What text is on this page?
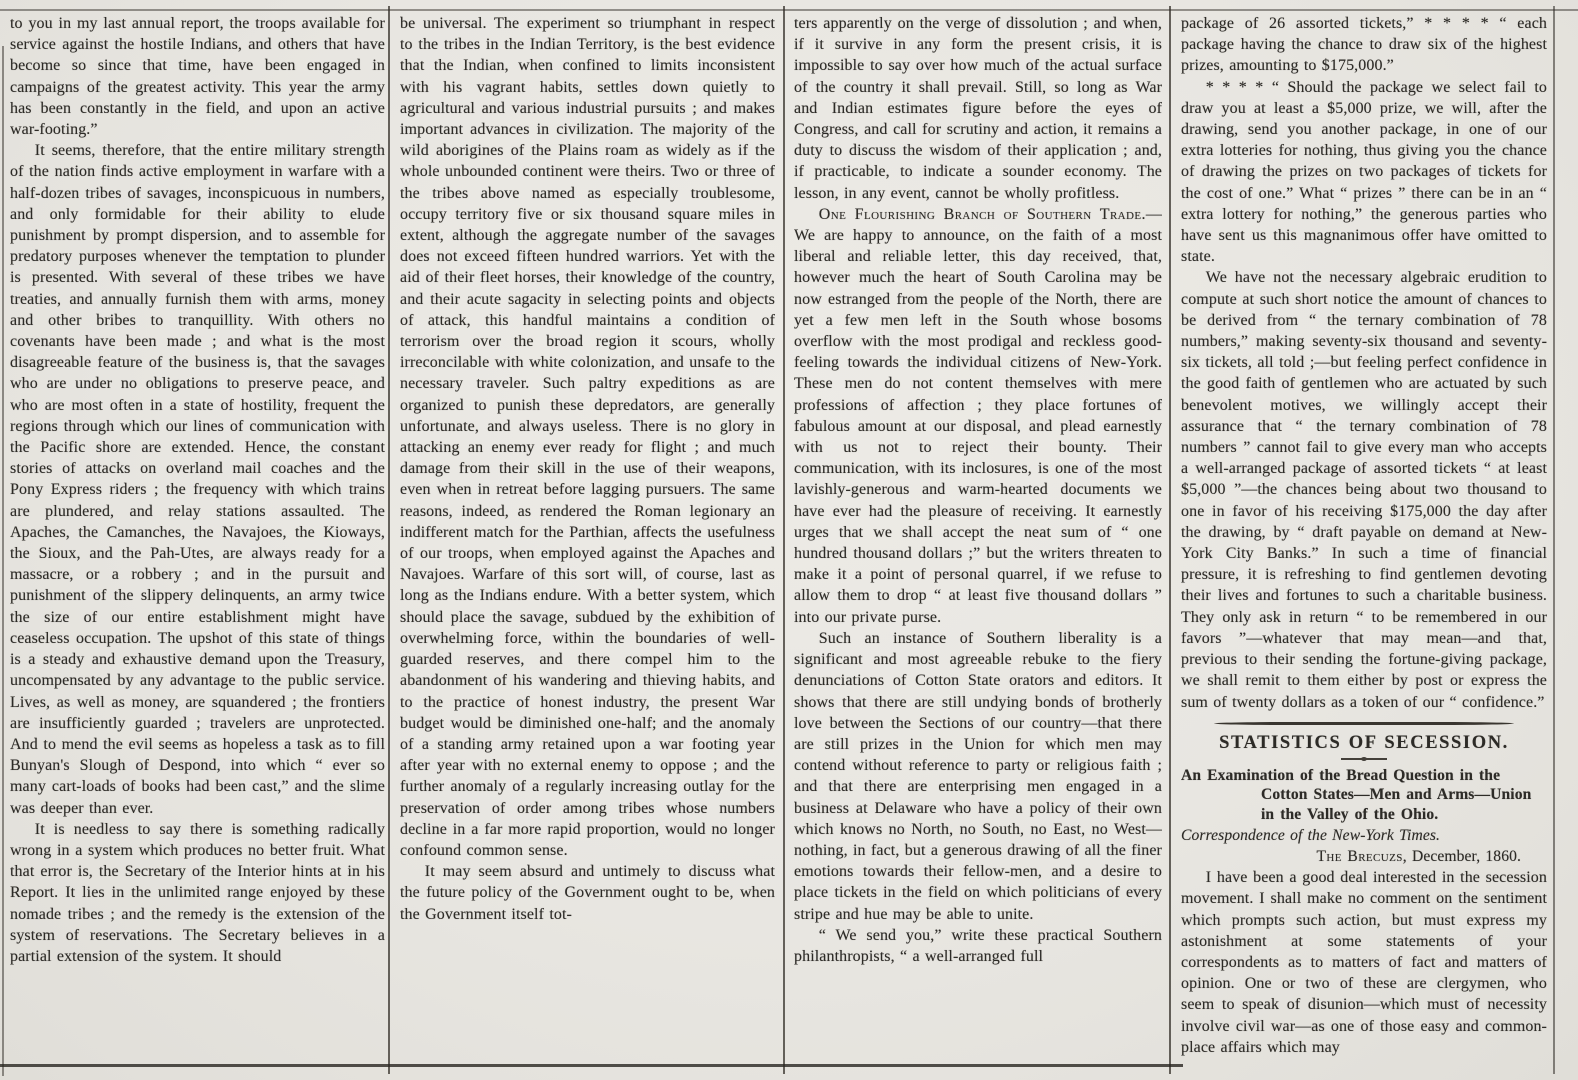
to you in my last annual report, the troops available for service against the hostile Indians, and others that have become so since that time, have been engaged in campaigns of the greatest activity. This year the army has been constantly in the field, and upon an active war-footing.”

It seems, therefore, that the entire military strength of the nation finds active employment in warfare with a half-dozen tribes of savages, inconspicuous in numbers, and only formidable for their ability to elude punishment by prompt dispersion, and to assemble for predatory purposes whenever the temptation to plunder is presented. With several of these tribes we have treaties, and annually furnish them with arms, money and other bribes to tranquillity. With others no covenants have been made ; and what is the most disagreeable feature of the business is, that the savages who are under no obligations to preserve peace, and who are most often in a state of hostility, frequent the regions through which our lines of communication with the Pacific shore are extended. Hence, the constant stories of attacks on overland mail coaches and the Pony Express riders ; the frequency with which trains are plundered, and relay stations assaulted. The Apaches, the Camanches, the Navajoes, the Kioways, the Sioux, and the Pah-Utes, are always ready for a massacre, or a robbery ; and in the pursuit and punishment of the slippery delinquents, an army twice the size of our entire establishment might have ceaseless occupation. The upshot of this state of things is a steady and exhaustive demand upon the Treasury, uncompensated by any advantage to the public service. Lives, as well as money, are squandered ; the frontiers are insufficiently guarded ; travelers are unprotected. And to mend the evil seems as hopeless a task as to fill Bunyan's Slough of Despond, into which “ ever so many cart-loads of books had been cast,” and the slime was deeper than ever.

It is needless to say there is something radically wrong in a system which produces no better fruit. What that error is, the Secretary of the Interior hints at in his Report. It lies in the unlimited range enjoyed by these nomade tribes ; and the remedy is the extension of the system of reservations. The Secretary believes in a partial extension of the system. It should

be universal. The experiment so triumphant in respect to the tribes in the Indian Territory, is the best evidence that the Indian, when confined to limits inconsistent with his vagrant habits, settles down quietly to agricultural and various industrial pursuits ; and makes important advances in civilization. The majority of the wild aborigines of the Plains roam as widely as if the whole unbounded continent were theirs. Two or three of the tribes above named as especially troublesome, occupy territory five or six thousand square miles in extent, although the aggregate number of the savages does not exceed fifteen hundred warriors. Yet with the aid of their fleet horses, their knowledge of the country, and their acute sagacity in selecting points and objects of attack, this handful maintains a condition of terrorism over the broad region it scours, wholly irreconcilable with white colonization, and unsafe to the necessary traveler. Such paltry expeditions as are organized to punish these depredators, are generally unfortunate, and always useless. There is no glory in attacking an enemy ever ready for flight ; and much damage from their skill in the use of their weapons, even when in retreat before lagging pursuers. The same reasons, indeed, as rendered the Roman legionary an indifferent match for the Parthian, affects the usefulness of our troops, when employed against the Apaches and Navajoes. Warfare of this sort will, of course, last as long as the Indians endure. With a better system, which should place the savage, subdued by the exhibition of overwhelming force, within the boundaries of well-guarded reserves, and there compel him to the abandonment of his wandering and thieving habits, and to the practice of honest industry, the present War budget would be diminished one-half; and the anomaly of a standing army retained upon a war footing year after year with no external enemy to oppose ; and the further anomaly of a regularly increasing outlay for the preservation of order among tribes whose numbers decline in a far more rapid proportion, would no longer confound common sense.

It may seem absurd and untimely to discuss what the future policy of the Government ought to be, when the Government itself tot-

ters apparently on the verge of dissolution ; and when, if it survive in any form the present crisis, it is impossible to say over how much of the actual surface of the country it shall prevail. Still, so long as War and Indian estimates figure before the eyes of Congress, and call for scrutiny and action, it remains a duty to discuss the wisdom of their application ; and, if practicable, to indicate a sounder economy. The lesson, in any event, cannot be wholly profitless.

One Flourishing Branch of Southern Trade.—We are happy to announce, on the faith of a most liberal and reliable letter, this day received, that, however much the heart of South Carolina may be now estranged from the people of the North, there are yet a few men left in the South whose bosoms overflow with the most prodigal and reckless good-feeling towards the individual citizens of New-York. These men do not content themselves with mere professions of affection ; they place fortunes of fabulous amount at our disposal, and plead earnestly with us not to reject their bounty. Their communication, with its inclosures, is one of the most lavishly-generous and warm-hearted documents we have ever had the pleasure of receiving. It earnestly urges that we shall accept the neat sum of “ one hundred thousand dollars ;” but the writers threaten to make it a point of personal quarrel, if we refuse to allow them to drop “ at least five thousand dollars ” into our private purse.

Such an instance of Southern liberality is a significant and most agreeable rebuke to the fiery denunciations of Cotton State orators and editors. It shows that there are still undying bonds of brotherly love between the Sections of our country—that there are still prizes in the Union for which men may contend without reference to party or religious faith ; and that there are enterprising men engaged in a business at Delaware who have a policy of their own which knows no North, no South, no East, no West—nothing, in fact, but a generous drawing of all the finer emotions towards their fellow-men, and a desire to place tickets in the field on which politicians of every stripe and hue may be able to unite.

“ We send you,” write these practical Southern philanthropists, “ a well-arranged full

package of 26 assorted tickets,” * * * * “ each package having the chance to draw six of the highest prizes, amounting to $175,000.”

* * * * “ Should the package we select fail to draw you at least a $5,000 prize, we will, after the drawing, send you another package, in one of our extra lotteries for nothing, thus giving you the chance of drawing the prizes on two packages of tickets for the cost of one.” What “ prizes ” there can be in an “ extra lottery for nothing,” the generous parties who have sent us this magnanimous offer have omitted to state.

We have not the necessary algebraic erudition to compute at such short notice the amount of chances to be derived from “ the ternary combination of 78 numbers,” making seventy-six thousand and seventy-six tickets, all told ;—but feeling perfect confidence in the good faith of gentlemen who are actuated by such benevolent motives, we willingly accept their assurance that “ the ternary combination of 78 numbers ” cannot fail to give every man who accepts a well-arranged package of assorted tickets “ at least $5,000 ”—the chances being about two thousand to one in favor of his receiving $175,000 the day after the drawing, by “ draft payable on demand at New-York City Banks.” In such a time of financial pressure, it is refreshing to find gentlemen devoting their lives and fortunes to such a charitable business. They only ask in return “ to be remembered in our favors ”—whatever that may mean—and that, previous to their sending the fortune-giving package, we shall remit to them either by post or express the sum of twenty dollars as a token of our “ confidence.”

STATISTICS OF SECESSION.

An Examination of the Bread Question in the Cotton States—Men and Arms—Union in the Valley of the Ohio.

Correspondence of the New-York Times.

The Brecuzs, December, 1860.

I have been a good deal interested in the secession movement. I shall make no comment on the sentiment which prompts such action, but must express my astonishment at some statements of your correspondents as to matters of fact and matters of opinion. One or two of these are clergymen, who seem to speak of disunion—which must of necessity involve civil war—as one of those easy and common-place affairs which may
